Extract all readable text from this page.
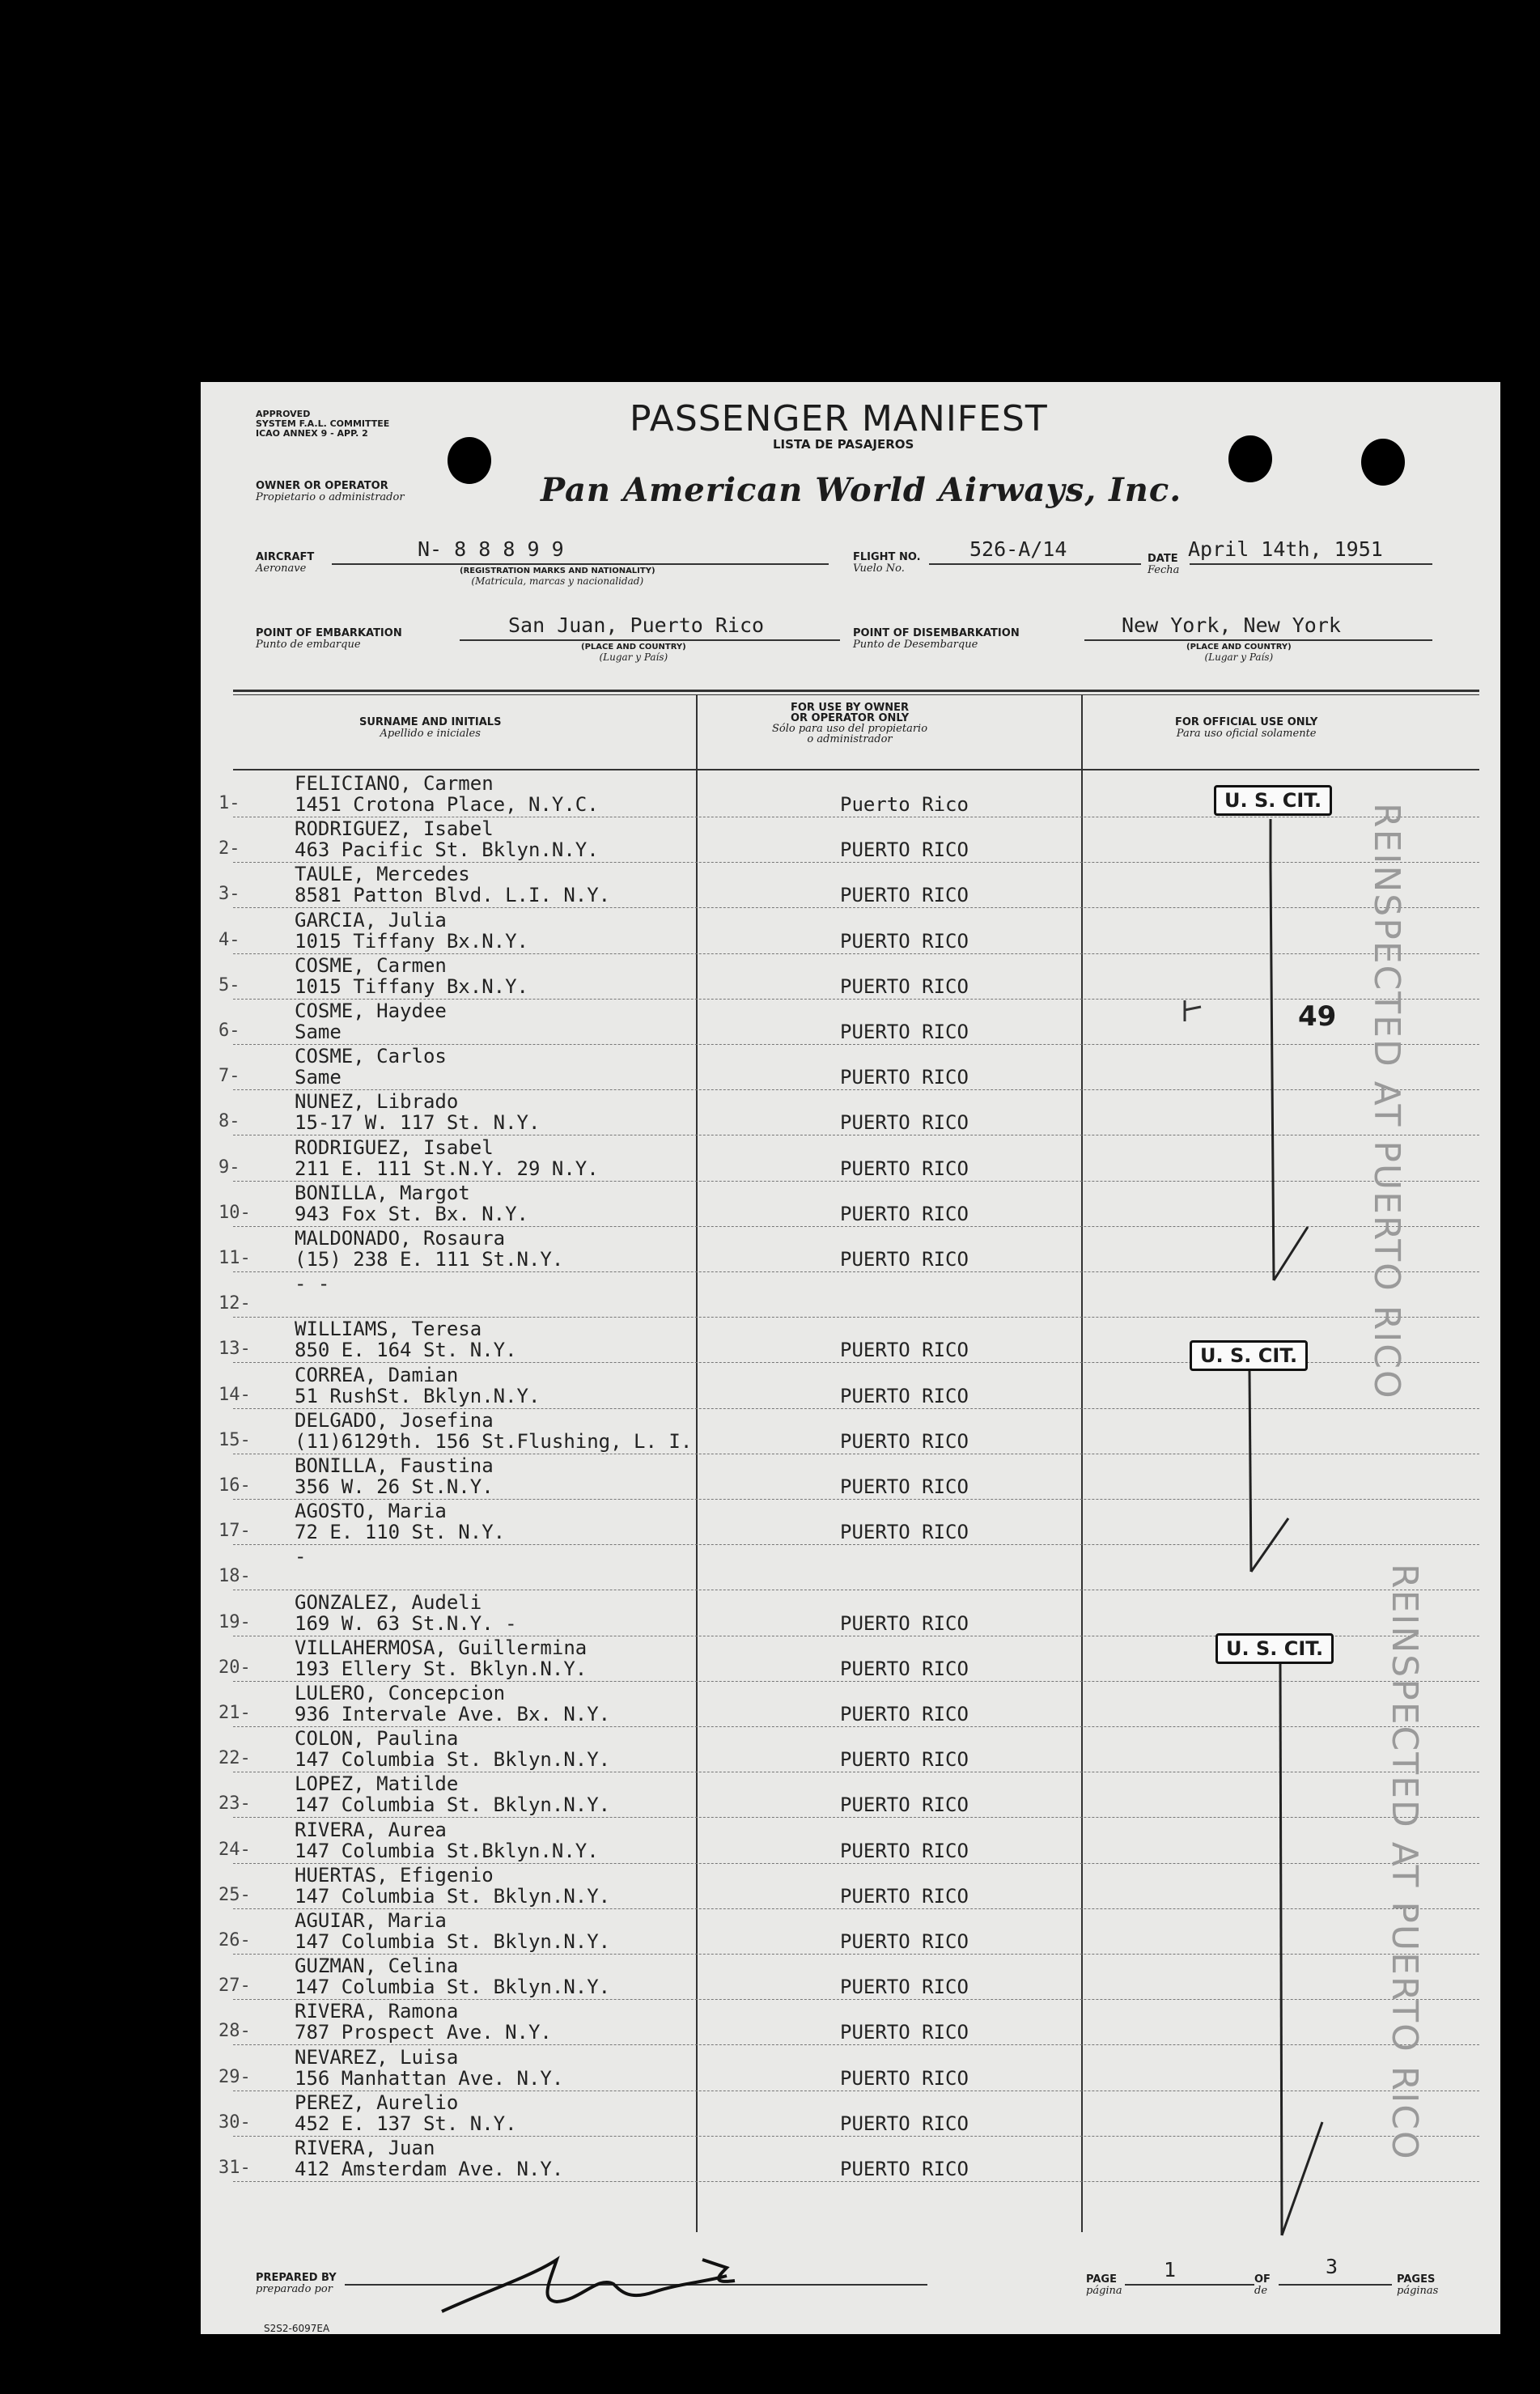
APPROVED
SYSTEM F.A.L. COMMITTEE
ICAO ANNEX 9 - APP. 2	PASSENGER MANIFEST
LISTA DE PASAJEROS
OWNER OR OPERATOR
Propietario o administrador	Pan American World Airways, Inc.
AIRCRAFT
Aeronave
N- 8 8 8 9 9
(REGISTRATION MARKS AND NATIONALITY)
(Matricula, marcas y nacionalidad)
FLIGHT NO.
Vuelo No.
526-A/14	DATE
Fecha
April 14th, 1951
POINT OF EMBARKATION
Punto de embarque
San Juan, Puerto Rico
(PLACE AND COUNTRY)
(Lugar y País)
POINT OF DISEMBARKATION
Punto de Desembarque
New York, New York
(PLACE AND COUNTRY)
(Lugar y País)
SURNAME AND INITIALS
Apellido e iniciales
FOR USE BY OWNER
OR OPERATOR ONLY
Sólo para uso del propietario
o administrador
FOR OFFICIAL USE ONLY
Para uso oficial solamente
1-
FELICIANO, Carmen
1451 Crotona Place, N.Y.C.	Puerto Rico
2-
RODRIGUEZ, Isabel
463 Pacific St. Bklyn.N.Y.	PUERTO RICO
3-
TAULE, Mercedes
8581 Patton Blvd. L.I. N.Y.	PUERTO RICO
4-
GARCIA, Julia
1015 Tiffany Bx.N.Y.	PUERTO RICO
5-
COSME, Carmen
1015 Tiffany Bx.N.Y.	PUERTO RICO
6-
COSME, Haydee
Same	PUERTO RICO
7-
COSME, Carlos
Same	PUERTO RICO
8-
NUNEZ, Librado
15-17 W. 117 St. N.Y.	PUERTO RICO
9-
RODRIGUEZ, Isabel
211 E. 111 St.N.Y. 29 N.Y.	PUERTO RICO
10-
BONILLA, Margot
943 Fox St. Bx. N.Y.	PUERTO RICO
11-
MALDONADO, Rosaura
(15) 238 E. 111 St.N.Y.	PUERTO RICO
12-
- -
13-
WILLIAMS, Teresa
850 E. 164 St. N.Y.	PUERTO RICO
14-
CORREA, Damian
51 RushSt. Bklyn.N.Y.	PUERTO RICO
15-
DELGADO, Josefina
(11)6129th. 156 St.Flushing, L. I.	PUERTO RICO
16-
BONILLA, Faustina
356 W. 26 St.N.Y.	PUERTO RICO
17-
AGOSTO, Maria
72 E. 110 St. N.Y.	PUERTO RICO
18-
-
19-
GONZALEZ, Audeli
169 W. 63 St.N.Y. -	PUERTO RICO
20-
VILLAHERMOSA, Guillermina
193 Ellery St. Bklyn.N.Y.	PUERTO RICO
21-
LULERO, Concepcion
936 Intervale Ave. Bx. N.Y.	PUERTO RICO
22-
COLON, Paulina
147 Columbia St. Bklyn.N.Y.	PUERTO RICO
23-
LOPEZ, Matilde
147 Columbia St. Bklyn.N.Y.	PUERTO RICO
24-
RIVERA, Aurea
147 Columbia St.Bklyn.N.Y.	PUERTO RICO
25-
HUERTAS, Efigenio
147 Columbia St. Bklyn.N.Y.	PUERTO RICO
26-
AGUIAR, Maria
147 Columbia St. Bklyn.N.Y.	PUERTO RICO
27-
GUZMAN, Celina
147 Columbia St. Bklyn.N.Y.	PUERTO RICO
28-
RIVERA, Ramona
787 Prospect Ave. N.Y.	PUERTO RICO
29-
NEVAREZ, Luisa
156 Manhattan Ave. N.Y.	PUERTO RICO
30-
PEREZ, Aurelio
452 E. 137 St. N.Y.	PUERTO RICO
31-
RIVERA, Juan
412 Amsterdam Ave. N.Y.	PUERTO RICO
U. S. CIT.
U. S. CIT.
U. S. CIT.
49 REINSPECTED AT PUERTO RICO
REINSPECTED AT PUERTO RICO
PREPARED BY
preparado por
PAGE
página
1	OF
de
3
PAGES
páginas
S2S2-6097EA
